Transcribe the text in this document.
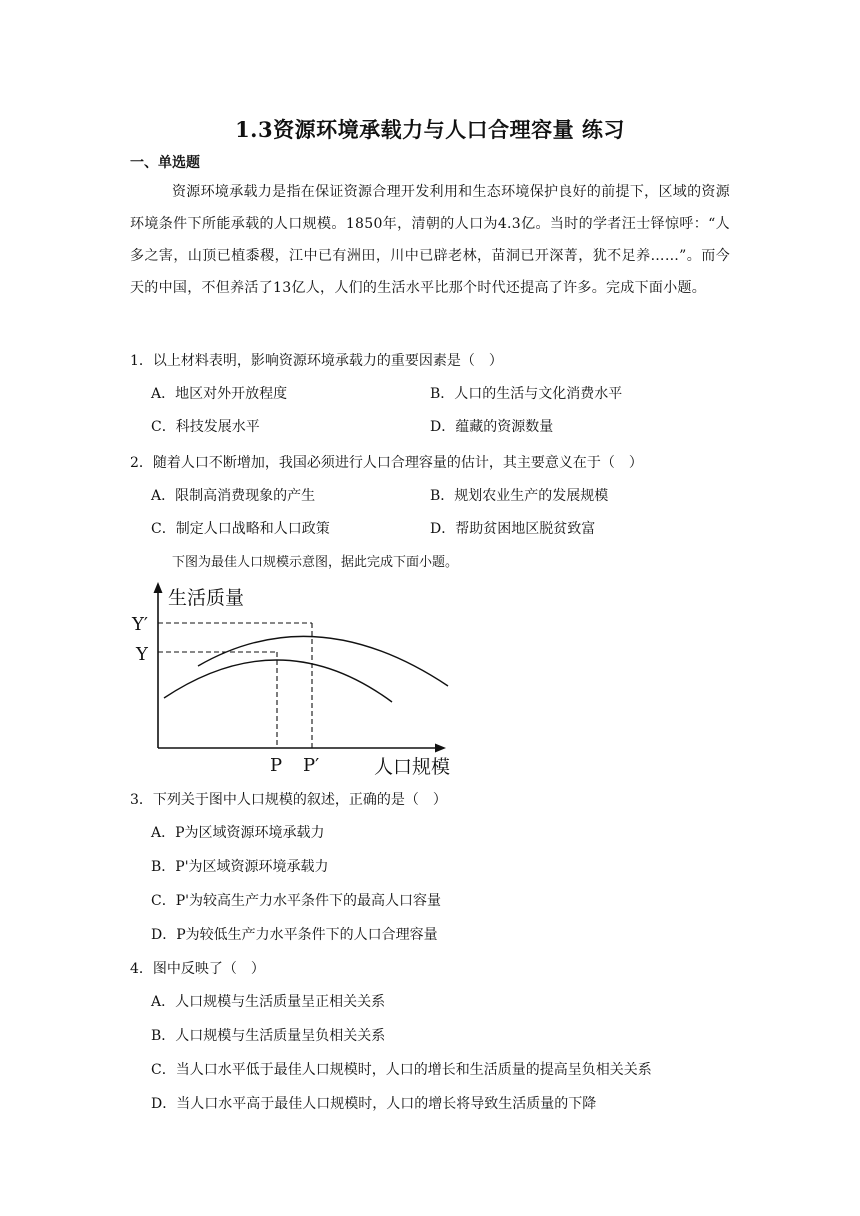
1.3资源环境承载力与人口合理容量 练习
一、单选题
资源环境承载力是指在保证资源合理开发利用和生态环境保护良好的前提下，区域的资源环境条件下所能承载的人口规模。1850年，清朝的人口为4.3亿。当时的学者汪士铎惊呼：“人多之害，山顶已植黍稷，江中已有洲田，川中已辟老林，苗洞已开深菁，犹不足养……”。而今天的中国，不但养活了13亿人，人们的生活水平比那个时代还提高了许多。完成下面小题。
1．以上材料表明，影响资源环境承载力的重要因素是（　）
A．地区对外开放程度	B．人口的生活与文化消费水平
C．科技发展水平	D．蕴藏的资源数量
2．随着人口不断增加，我国必须进行人口合理容量的估计，其主要意义在于（　）
A．限制高消费现象的产生	B．规划农业生产的发展规模
C．制定人口战略和人口政策	D．帮助贫困地区脱贫致富
下图为最佳人口规模示意图，据此完成下面小题。
生活质量
Y′
Y
P P′	人口规模
3．下列关于图中人口规模的叙述，正确的是（　）
A．P为区域资源环境承载力
B．P'为区域资源环境承载力
C．P'为较高生产力水平条件下的最高人口容量
D．P为较低生产力水平条件下的人口合理容量
4．图中反映了（　）
A．人口规模与生活质量呈正相关关系
B．人口规模与生活质量呈负相关关系
C．当人口水平低于最佳人口规模时，人口的增长和生活质量的提高呈负相关关系
D．当人口水平高于最佳人口规模时，人口的增长将导致生活质量的下降
